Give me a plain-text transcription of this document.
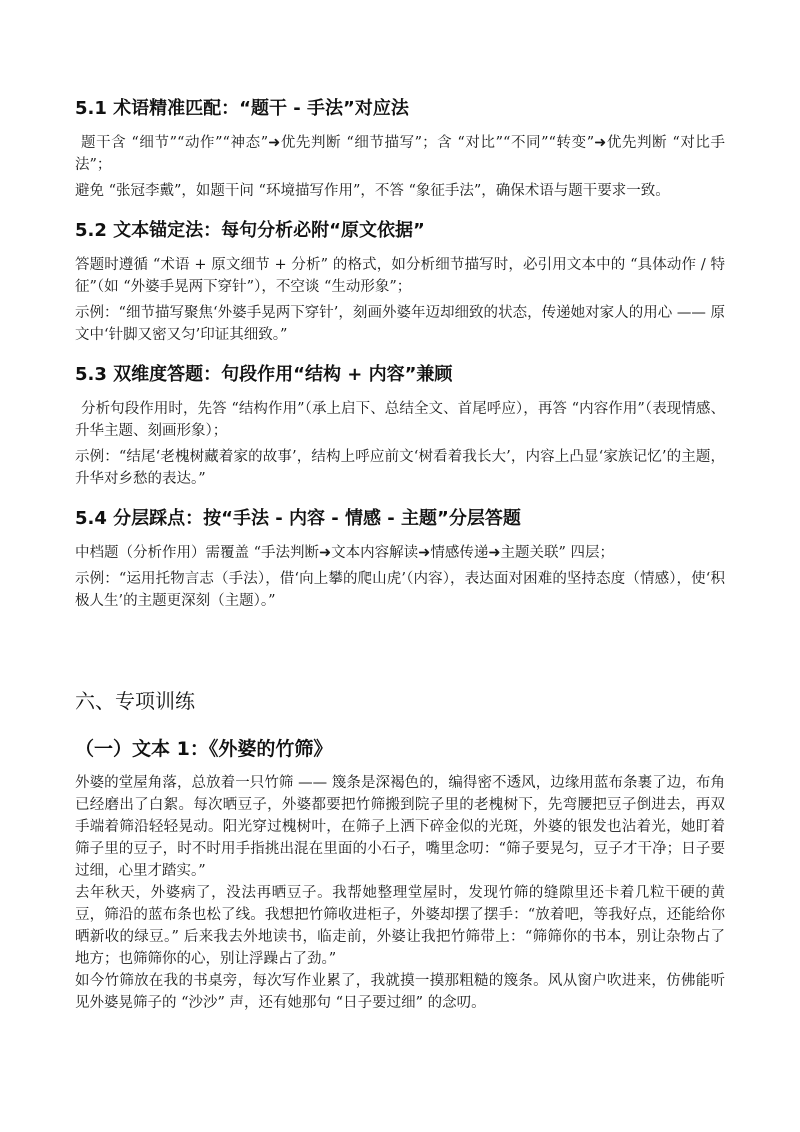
5.1 术语精准匹配：“题干 - 手法”对应法

题干含 “细节”“动作”“神态”➜优先判断 “细节描写”；含 “对比”“不同”“转变”➜优先判断 “对比手法”；

避免 “张冠李戴”，如题干问 “环境描写作用”，不答 “象征手法”，确保术语与题干要求一致。

5.2 文本锚定法：每句分析必附“原文依据”

答题时遵循 “术语 + 原文细节 + 分析” 的格式，如分析细节描写时，必引用文本中的 “具体动作 / 特征”（如 “外婆手晃两下穿针”），不空谈 “生动形象”；

示例：“细节描写聚焦‘外婆手晃两下穿针’，刻画外婆年迈却细致的状态，传递她对家人的用心 —— 原文中‘针脚又密又匀’印证其细致。”

5.3 双维度答题：句段作用“结构 + 内容”兼顾

分析句段作用时，先答 “结构作用”（承上启下、总结全文、首尾呼应），再答 “内容作用”（表现情感、升华主题、刻画形象）；

示例：“结尾‘老槐树藏着家的故事’，结构上呼应前文‘树看着我长大’，内容上凸显‘家族记忆’的主题，升华对乡愁的表达。”

5.4 分层踩点：按“手法 - 内容 - 情感 - 主题”分层答题

中档题（分析作用）需覆盖 “手法判断➜文本内容解读➜情感传递➜主题关联” 四层；

示例：“运用托物言志（手法），借‘向上攀的爬山虎’（内容），表达面对困难的坚持态度（情感），使‘积极人生’的主题更深刻（主题）。”

六、专项训练
（一）文本 1：《外婆的竹筛》

外婆的堂屋角落，总放着一只竹筛 —— 篾条是深褐色的，编得密不透风，边缘用蓝布条裹了边，布角已经磨出了白絮。每次晒豆子，外婆都要把竹筛搬到院子里的老槐树下，先弯腰把豆子倒进去，再双手端着筛沿轻轻晃动。阳光穿过槐树叶，在筛子上洒下碎金似的光斑，外婆的银发也沾着光，她盯着筛子里的豆子，时不时用手指挑出混在里面的小石子，嘴里念叨：“筛子要晃匀，豆子才干净；日子要过细，心里才踏实。”

去年秋天，外婆病了，没法再晒豆子。我帮她整理堂屋时，发现竹筛的缝隙里还卡着几粒干硬的黄豆，筛沿的蓝布条也松了线。我想把竹筛收进柜子，外婆却摆了摆手：“放着吧，等我好点，还能给你晒新收的绿豆。” 后来我去外地读书，临走前，外婆让我把竹筛带上：“筛筛你的书本，别让杂物占了地方；也筛筛你的心，别让浮躁占了劲。”

如今竹筛放在我的书桌旁，每次写作业累了，我就摸一摸那粗糙的篾条。风从窗户吹进来，仿佛能听见外婆晃筛子的 “沙沙” 声，还有她那句 “日子要过细” 的念叨。
